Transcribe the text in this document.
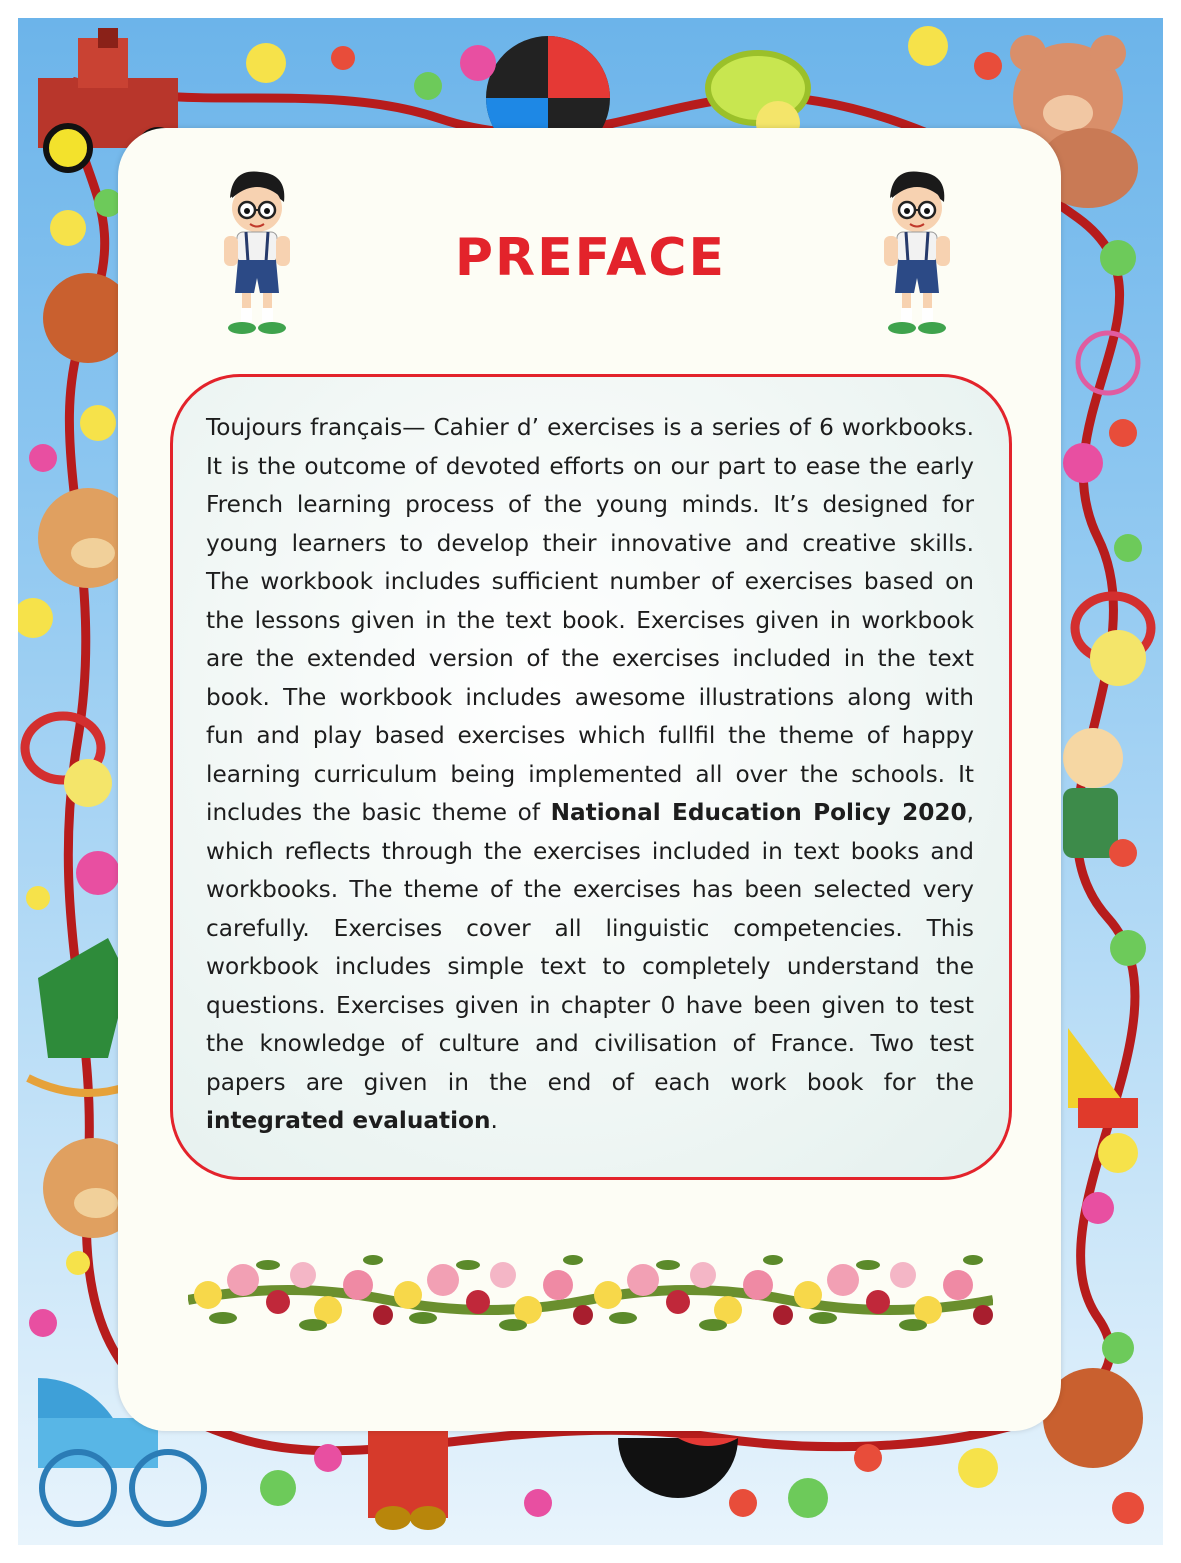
PREFACE

Toujours français— Cahier d’ exercises is a series of 6 workbooks. It is the outcome of devoted efforts on our part to ease the early French learning process of the young minds. It’s designed for young learners to develop their innovative and creative skills. The workbook includes sufficient number of exercises based on the lessons given in the text book. Exercises given in workbook are the extended version of the exercises included in the text book. The workbook includes awesome illustrations along with fun and play based exercises which fullfil the theme of happy learning curriculum being implemented all over the schools. It includes the basic theme of National Education Policy 2020, which reflects through the exercises included in text books and workbooks. The theme of the exercises has been selected very carefully. Exercises cover all linguistic competencies. This workbook includes simple text to completely understand the questions. Exercises given in chapter 0 have been given to test the knowledge of culture and civilisation of France. Two test papers are given in the end of each work book for the integrated evaluation.
